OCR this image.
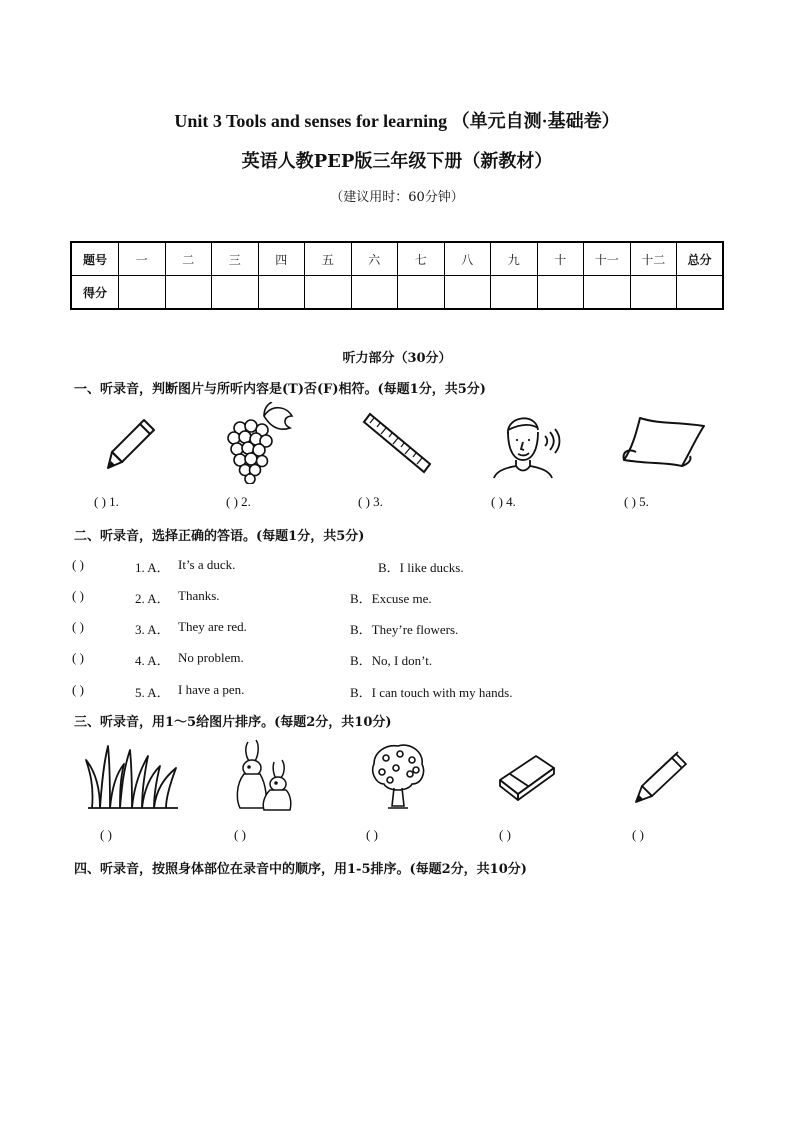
Unit 3 Tools and senses for learning （单元自测·基础卷）
英语人教PEP版三年级下册（新教材）
（建议用时：60分钟）
题号	一	二	三	四	五	六	七	八	九	十	十一	十二	总分
得分													
听力部分（30分）
一、听录音，判断图片与所听内容是(T)否(F)相符。(每题1分，共5分)
( ) 1.	( ) 2.	( ) 3.	( ) 4.	( ) 5.
二、听录音，选择正确的答语。(每题1分，共5分)
( )	1. A． It’s a duck.	B．I like ducks.
( )	2. A． Thanks.	B．Excuse me.
( )	3. A． They are red.	B．They’re flowers.
( )	4. A． No problem.	B．No, I don’t.
( )	5. A． I have a pen.	B．I can touch with my hands.
三、听录音，用1～5给图片排序。(每题2分，共10分)
( )	( )	( )	( )	( )
四、听录音，按照身体部位在录音中的顺序，用1-5排序。(每题2分，共10分)
